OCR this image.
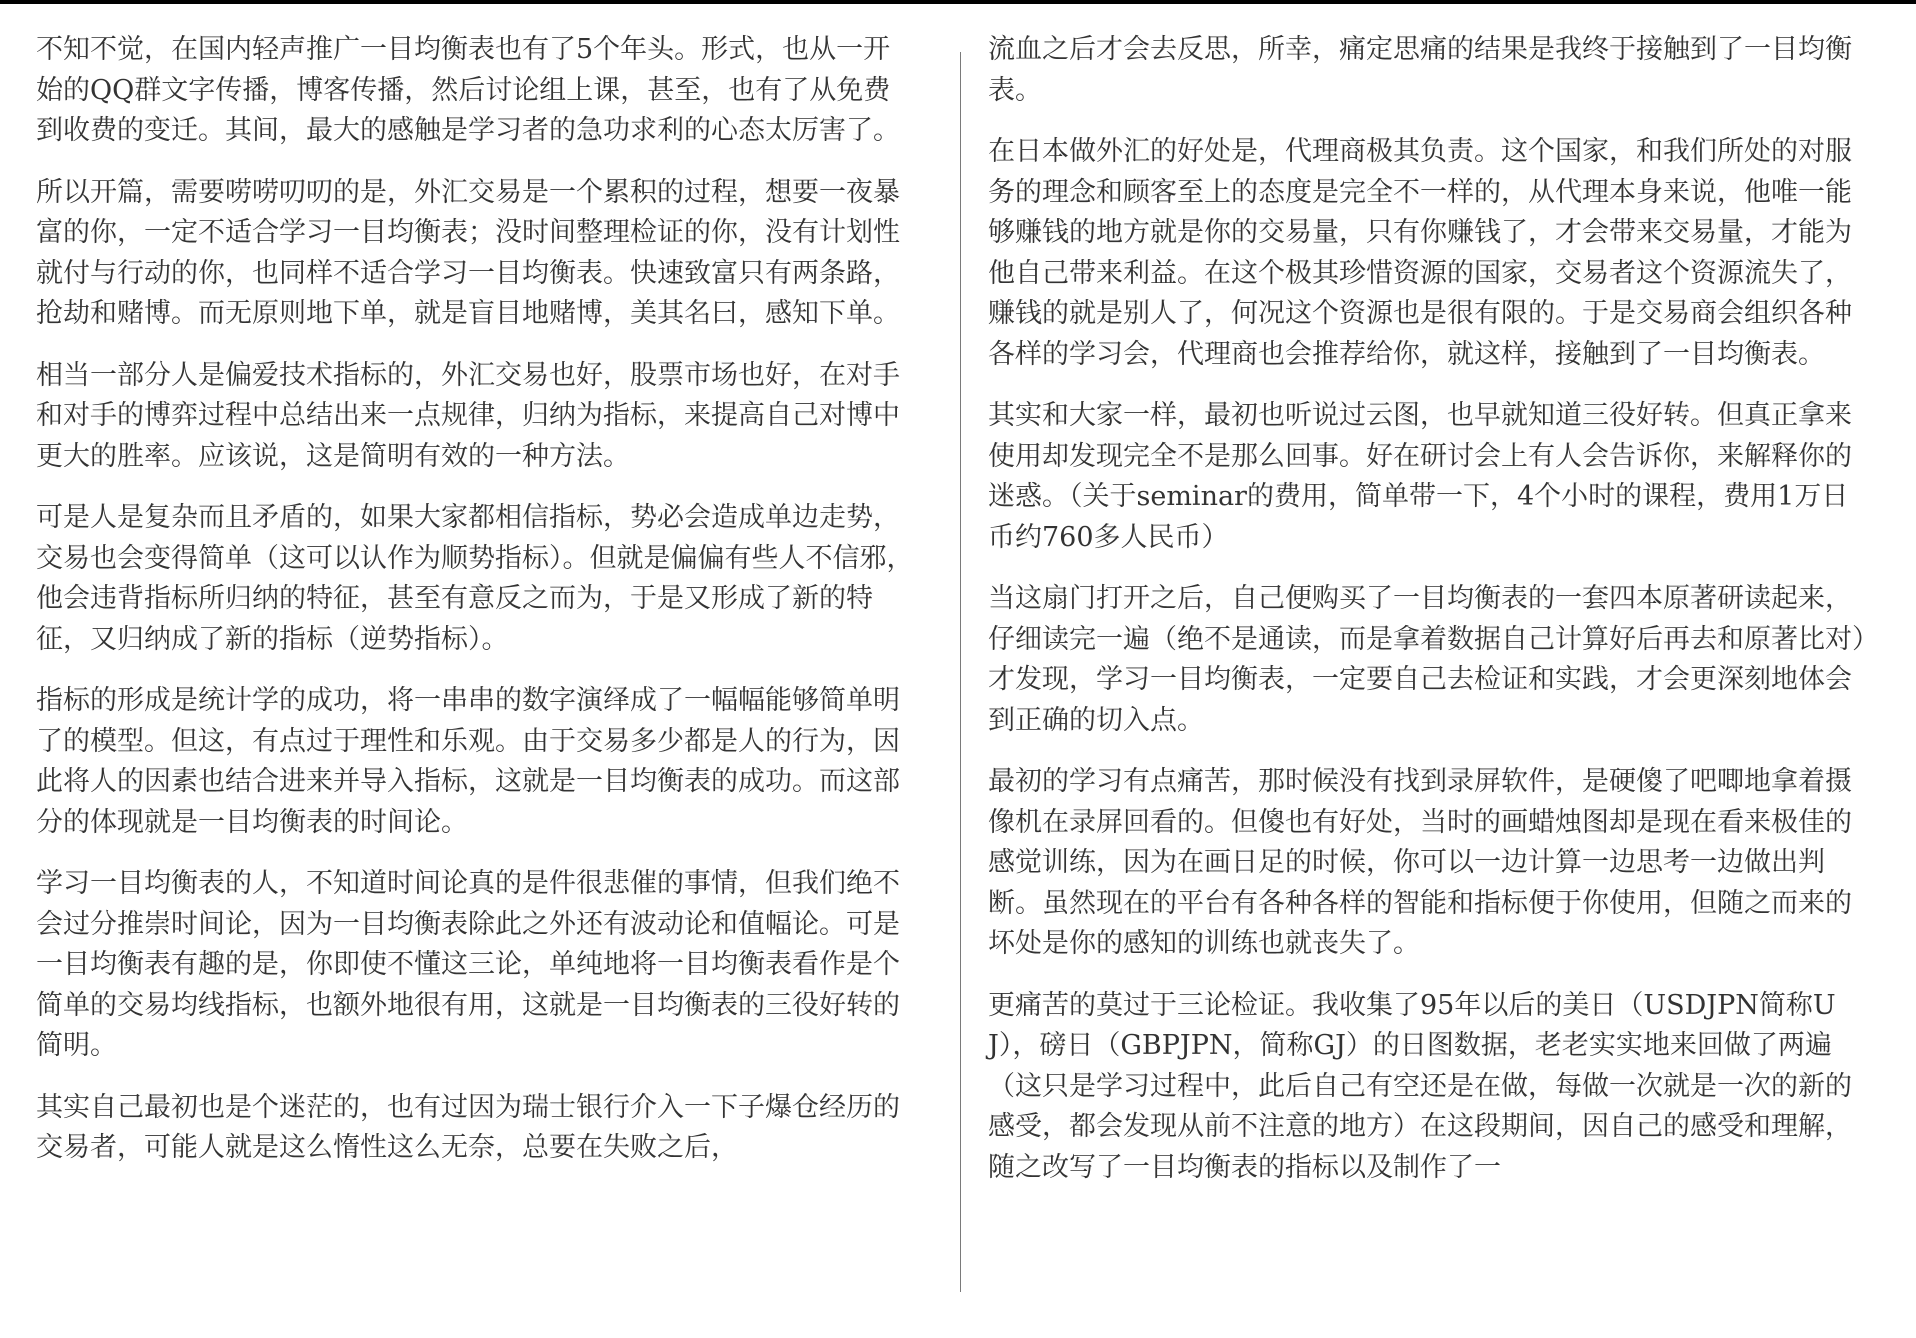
不知不觉，在国内轻声推广一目均衡表也有了5个年头。形式，也从一开始的QQ群文字传播，博客传播，然后讨论组上课，甚至，也有了从免费到收费的变迁。其间，最大的感触是学习者的急功求利的心态太厉害了。

所以开篇，需要唠唠叨叨的是，外汇交易是一个累积的过程，想要一夜暴富的你，一定不适合学习一目均衡表；没时间整理检证的你，没有计划性就付与行动的你，也同样不适合学习一目均衡表。快速致富只有两条路，抢劫和赌博。而无原则地下单，就是盲目地赌博，美其名曰，感知下单。

相当一部分人是偏爱技术指标的，外汇交易也好，股票市场也好，在对手和对手的博弈过程中总结出来一点规律，归纳为指标，来提高自己对博中更大的胜率。应该说，这是简明有效的一种方法。

可是人是复杂而且矛盾的，如果大家都相信指标，势必会造成单边走势，交易也会变得简单（这可以认作为顺势指标）。但就是偏偏有些人不信邪，他会违背指标所归纳的特征，甚至有意反之而为，于是又形成了新的特征，又归纳成了新的指标（逆势指标）。

指标的形成是统计学的成功，将一串串的数字演绎成了一幅幅能够简单明了的模型。但这，有点过于理性和乐观。由于交易多少都是人的行为，因此将人的因素也结合进来并导入指标，这就是一目均衡表的成功。而这部分的体现就是一目均衡表的时间论。

学习一目均衡表的人，不知道时间论真的是件很悲催的事情，但我们绝不会过分推崇时间论，因为一目均衡表除此之外还有波动论和值幅论。可是一目均衡表有趣的是，你即使不懂这三论，单纯地将一目均衡表看作是个简单的交易均线指标，也额外地很有用，这就是一目均衡表的三役好转的简明。

其实自己最初也是个迷茫的，也有过因为瑞士银行介入一下子爆仓经历的交易者，可能人就是这么惰性这么无奈，总要在失败之后，

流血之后才会去反思，所幸，痛定思痛的结果是我终于接触到了一目均衡表。

在日本做外汇的好处是，代理商极其负责。这个国家，和我们所处的对服务的理念和顾客至上的态度是完全不一样的，从代理本身来说，他唯一能够赚钱的地方就是你的交易量，只有你赚钱了，才会带来交易量，才能为他自己带来利益。在这个极其珍惜资源的国家，交易者这个资源流失了，赚钱的就是别人了，何况这个资源也是很有限的。于是交易商会组织各种各样的学习会，代理商也会推荐给你，就这样，接触到了一目均衡表。

其实和大家一样，最初也听说过云图，也早就知道三役好转。但真正拿来使用却发现完全不是那么回事。好在研讨会上有人会告诉你，来解释你的迷惑。（关于seminar的费用，简单带一下，4个小时的课程，费用1万日币约760多人民币）

当这扇门打开之后，自己便购买了一目均衡表的一套四本原著研读起来，仔细读完一遍（绝不是通读，而是拿着数据自己计算好后再去和原著比对）才发现，学习一目均衡表，一定要自己去检证和实践，才会更深刻地体会到正确的切入点。

最初的学习有点痛苦，那时候没有找到录屏软件，是硬傻了吧唧地拿着摄像机在录屏回看的。但傻也有好处，当时的画蜡烛图却是现在看来极佳的感觉训练，因为在画日足的时候，你可以一边计算一边思考一边做出判断。虽然现在的平台有各种各样的智能和指标便于你使用，但随之而来的坏处是你的感知的训练也就丧失了。

更痛苦的莫过于三论检证。我收集了95年以后的美日（USDJPN简称UJ），磅日（GBPJPN，简称GJ）的日图数据，老老实实地来回做了两遍（这只是学习过程中，此后自己有空还是在做，每做一次就是一次的新的感受，都会发现从前不注意的地方）在这段期间，因自己的感受和理解，随之改写了一目均衡表的指标以及制作了一
